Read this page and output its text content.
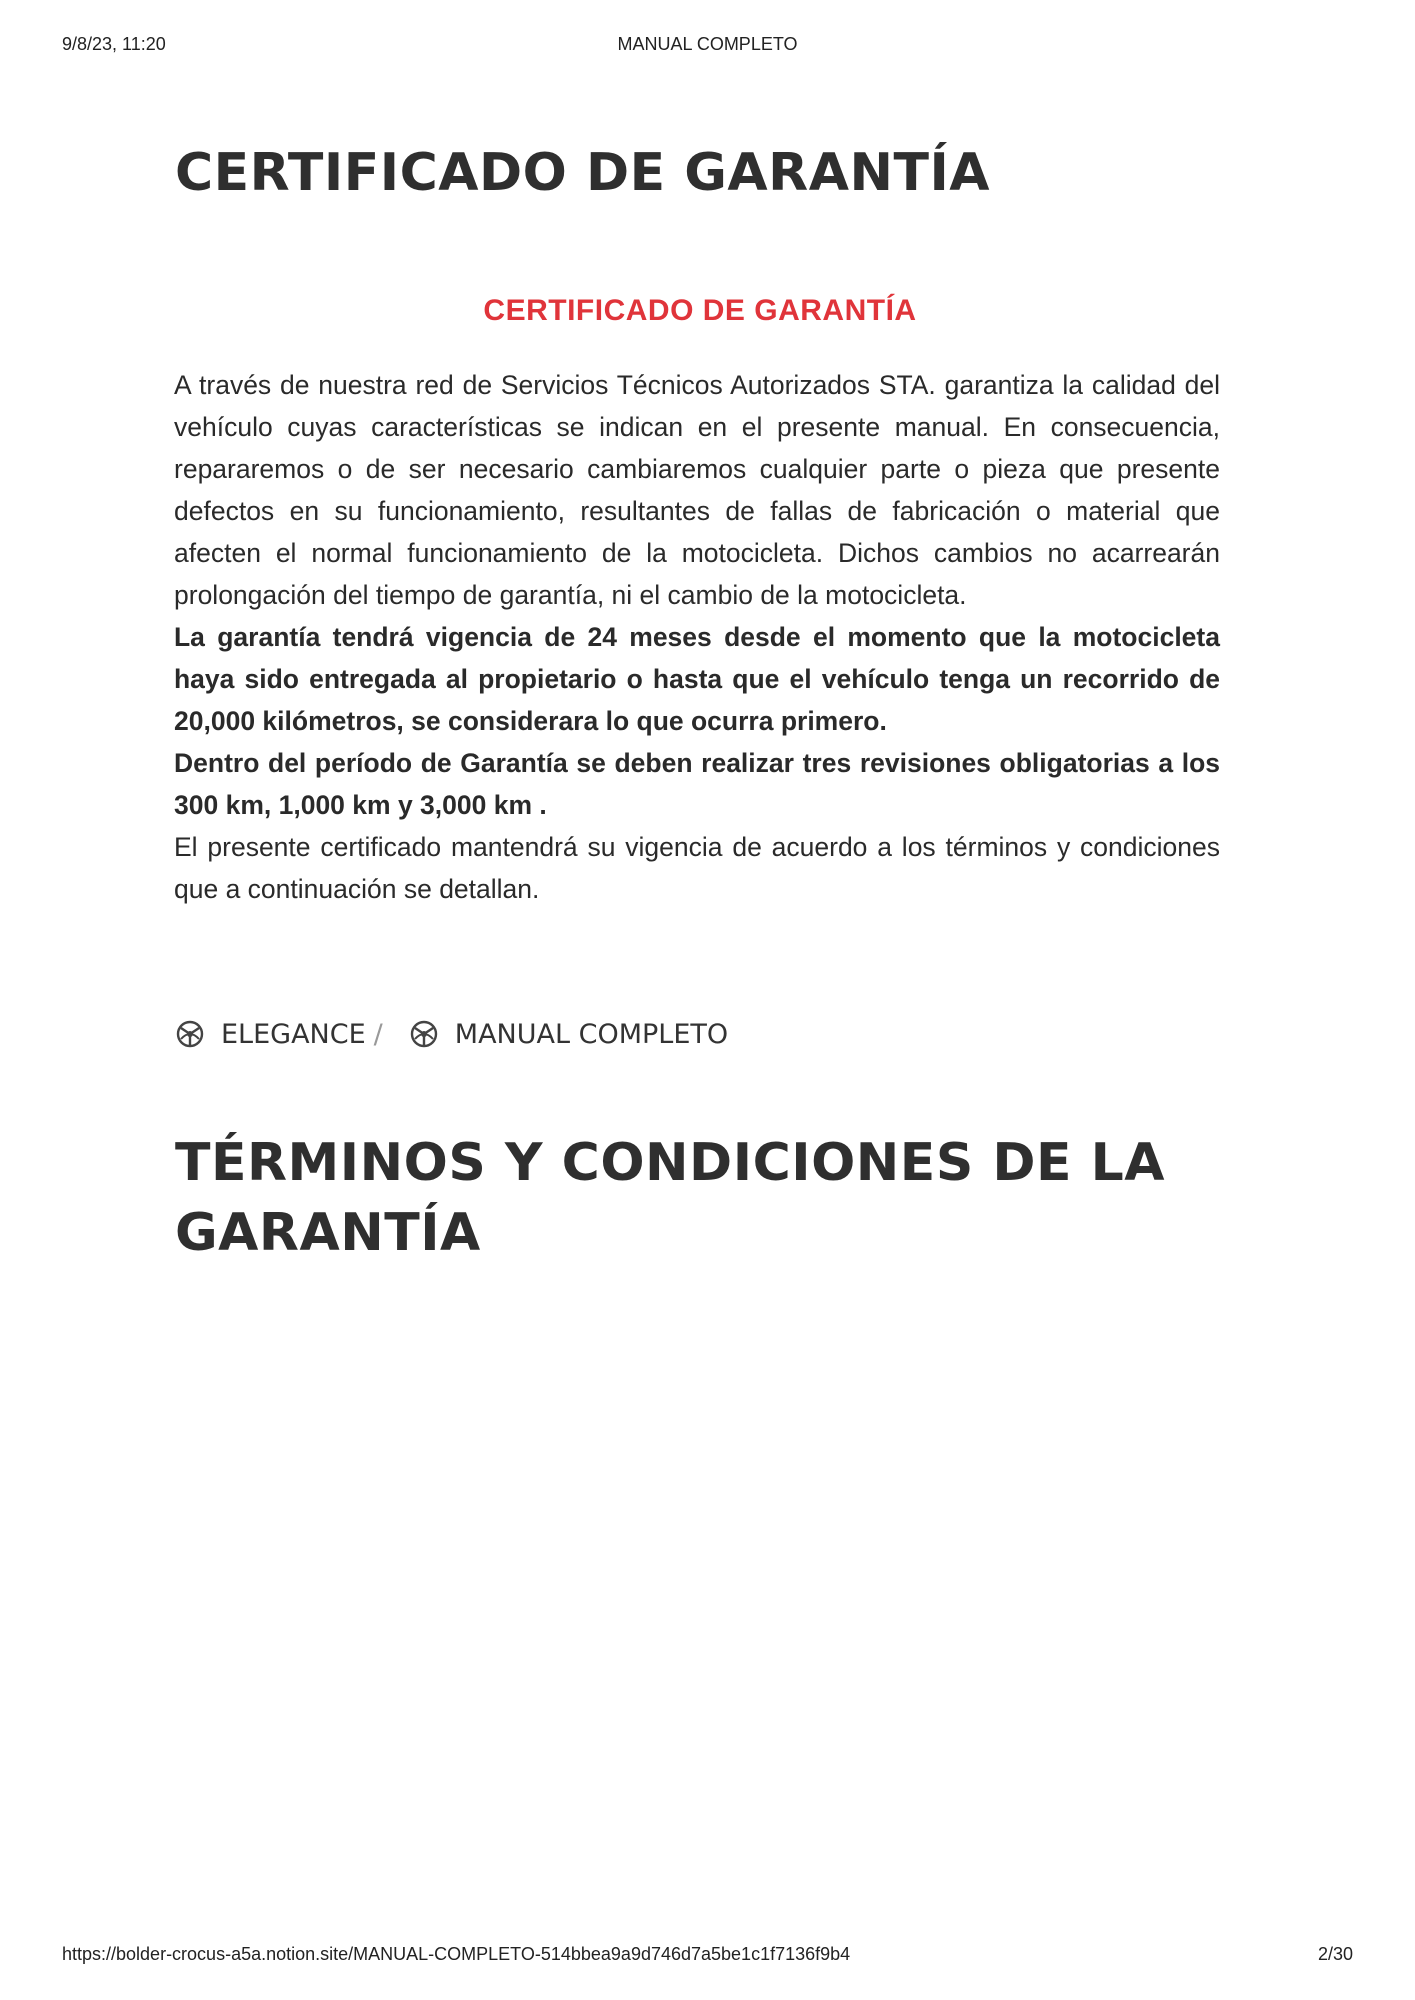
9/8/23, 11:20	MANUAL COMPLETO
CERTIFICADO DE GARANTÍA
CERTIFICADO DE GARANTÍA

A través de nuestra red de Servicios Técnicos Autorizados STA. garantiza la calidad del vehículo cuyas características se indican en el presente manual. En consecuencia, repararemos o de ser necesario cambiaremos cualquier parte o pieza que presente defectos en su funcionamiento, resultantes de fallas de fabricación o material que afecten el normal funcionamiento de la motocicleta. Dichos cambios no acarrearán prolongación del tiempo de garantía, ni el cambio de la motocicleta.

La garantía tendrá vigencia de 24 meses desde el momento que la motocicleta haya sido entregada al propietario o hasta que el vehículo tenga un recorrido de 20,000 kilómetros, se considerara lo que ocurra primero.

Dentro del período de Garantía se deben realizar tres revisiones obligatorias a los 300 km, 1,000 km y 3,000 km .

El presente certificado mantendrá su vigencia de acuerdo a los términos y condiciones que a continuación se detallan.

ELEGANCE /	MANUAL COMPLETO
TÉRMINOS Y CONDICIONES DE LA GARANTÍA
https://bolder-crocus-a5a.notion.site/MANUAL-COMPLETO-514bbea9a9d746d7a5be1c1f7136f9b4	2/30
